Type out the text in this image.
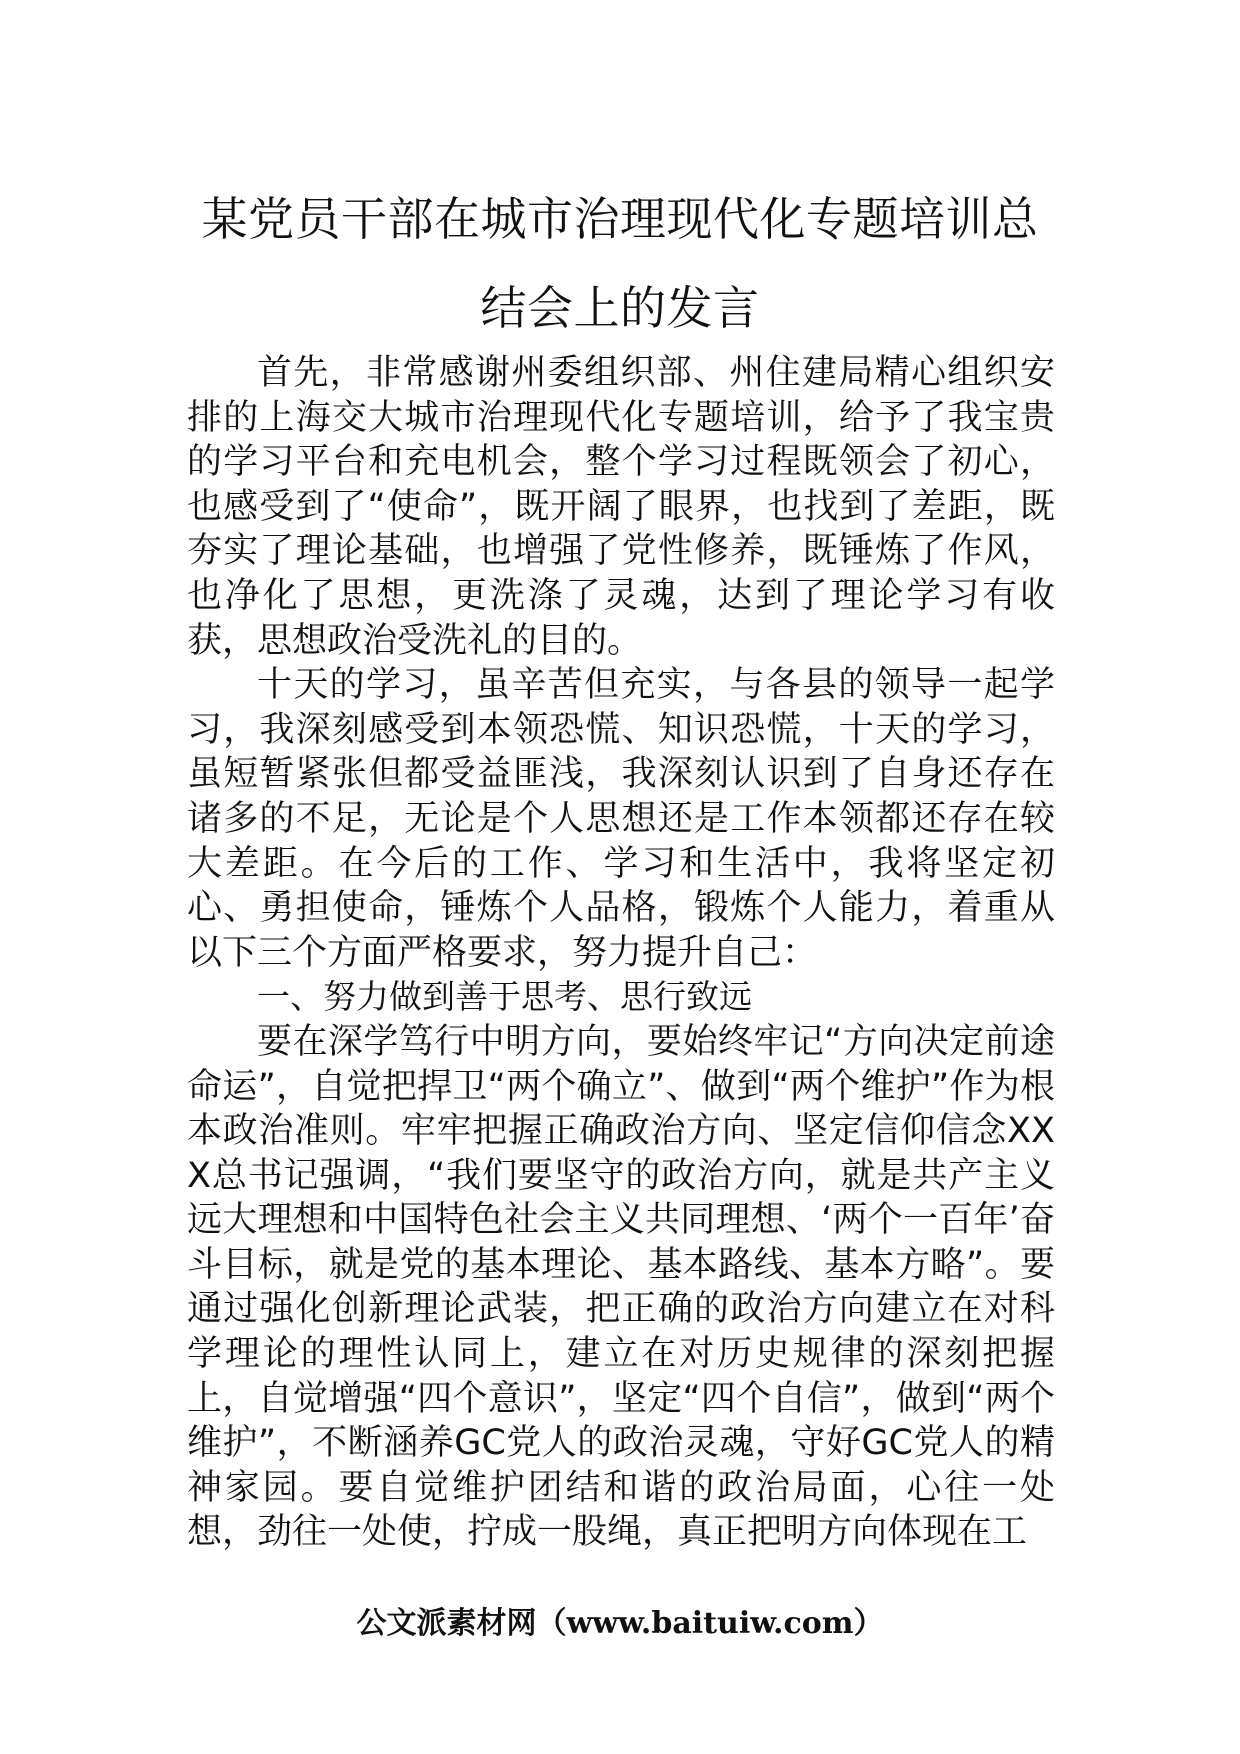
某党员干部在城市治理现代化专题培训总
结会上的发言

首先，非常感谢州委组织部、州住建局精心组织安排的上海交大城市治理现代化专题培训，给予了我宝贵的学习平台和充电机会，整个学习过程既领会了初心，也感受到了“使命”，既开阔了眼界，也找到了差距，既夯实了理论基础，也增强了党性修养，既锤炼了作风，也净化了思想，更洗涤了灵魂，达到了理论学习有收获，思想政治受洗礼的目的。

十天的学习，虽辛苦但充实，与各县的领导一起学习，我深刻感受到本领恐慌、知识恐慌，十天的学习，虽短暂紧张但都受益匪浅，我深刻认识到了自身还存在诸多的不足，无论是个人思想还是工作本领都还存在较大差距。在今后的工作、学习和生活中，我将坚定初心、勇担使命，锤炼个人品格，锻炼个人能力，着重从以下三个方面严格要求，努力提升自己：

一、努力做到善于思考、思行致远

要在深学笃行中明方向，要始终牢记“方向决定前途命运”，自觉把捍卫“两个确立”、做到“两个维护”作为根本政治准则。牢牢把握正确政治方向、坚定信仰信念XXX总书记强调，“我们要坚守的政治方向，就是共产主义远大理想和中国特色社会主义共同理想、‘两个一百年’奋斗目标，就是党的基本理论、基本路线、基本方略”。要通过强化创新理论武装，把正确的政治方向建立在对科学理论的理性认同上，建立在对历史规律的深刻把握上，自觉增强“四个意识”，坚定“四个自信”，做到“两个维护”，不断涵养GC党人的政治灵魂，守好GC党人的精神家园。要自觉维护团结和谐的政治局面，心往一处想，劲往一处使，拧成一股绳，真正把明方向体现在工

公文派素材网（www.baituiw.com）
